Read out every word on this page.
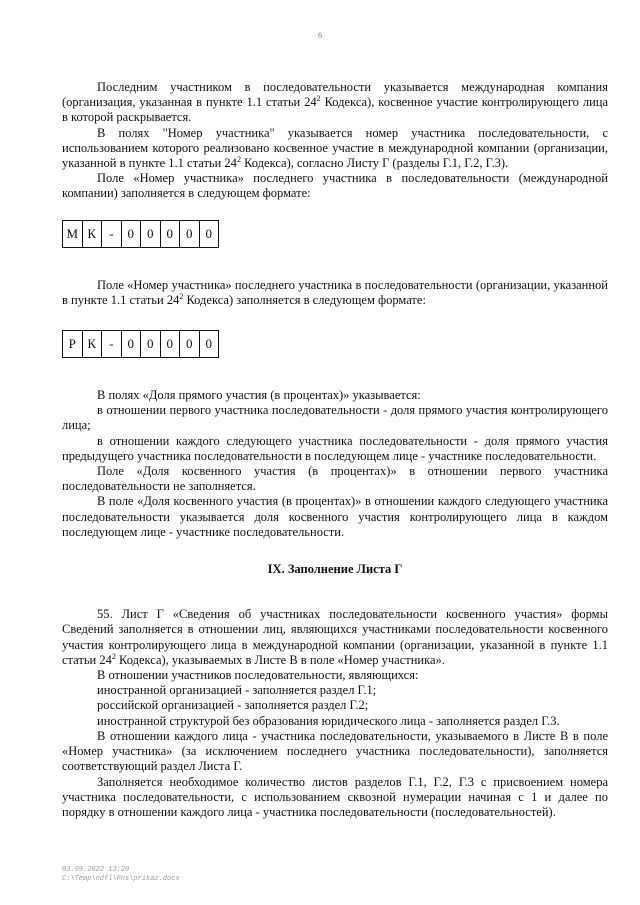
6

Последним участником в последовательности указывается международная компания (организация, указанная в пункте 1.1 статьи $24^2$ Кодекса), косвенное участие контролирующего лица в которой раскрывается.

В полях "Номер участника" указывается номер участника последовательности, с использованием которого реализовано косвенное участие в международной компании (организации, указанной в пункте 1.1 статьи $24^2$ Кодекса), согласно Листу Г (разделы Г.1, Г.2, Г.3).

Поле «Номер участника» последнего участника в последовательности (международной компании) заполняется в следующем формате:

М К	-	0	0	0	0	0

Поле «Номер участника» последнего участника в последовательности (организации, указанной в пункте 1.1 статьи $24^2$ Кодекса) заполняется в следующем формате:

Р К	-	0	0	0	0	0

В полях «Доля прямого участия (в процентах)» указывается:

в отношении первого участника последовательности - доля прямого участия контролирующего лица;

в отношении каждого следующего участника последовательности - доля прямого участия предыдущего участника последовательности в последующем лице - участнике последовательности.

Поле «Доля косвенного участия (в процентах)» в отношении первого участника последовательности не заполняется.

В поле «Доля косвенного участия (в процентах)» в отношении каждого следующего участника последовательности указывается доля косвенного участия контролирующего лица в каждом последующем лице - участнике последовательности.

IX. Заполнение Листа Г

55. Лист Г «Сведения об участниках последовательности косвенного участия» формы Сведений заполняется в отношении лиц, являющихся участниками последовательности косвенного участия контролирующего лица в международной компании (организации, указанной в пункте 1.1 статьи $24^2$ Кодекса), указываемых в Листе В в поле «Номер участника».

В отношении участников последовательности, являющихся:

иностранной организацией - заполняется раздел Г.1;

российской организацией - заполняется раздел Г.2;

иностранной структурой без образования юридического лица - заполняется раздел Г.3.

В отношении каждого лица - участника последовательности, указываемого в Листе В в поле «Номер участника» (за исключением последнего участника последовательности), заполняется соответствующий раздел Листа Г.

Заполняется необходимое количество листов разделов Г.1, Г.2, Г.3 с присвоением номера участника последовательности, с использованием сквозной нумерации начиная с 1 и далее по порядку в отношении каждого лица - участника последовательности (последовательностей).

03.09.2022 13:20
C:\Temp\ndfl\Fns\prikaz.docx
